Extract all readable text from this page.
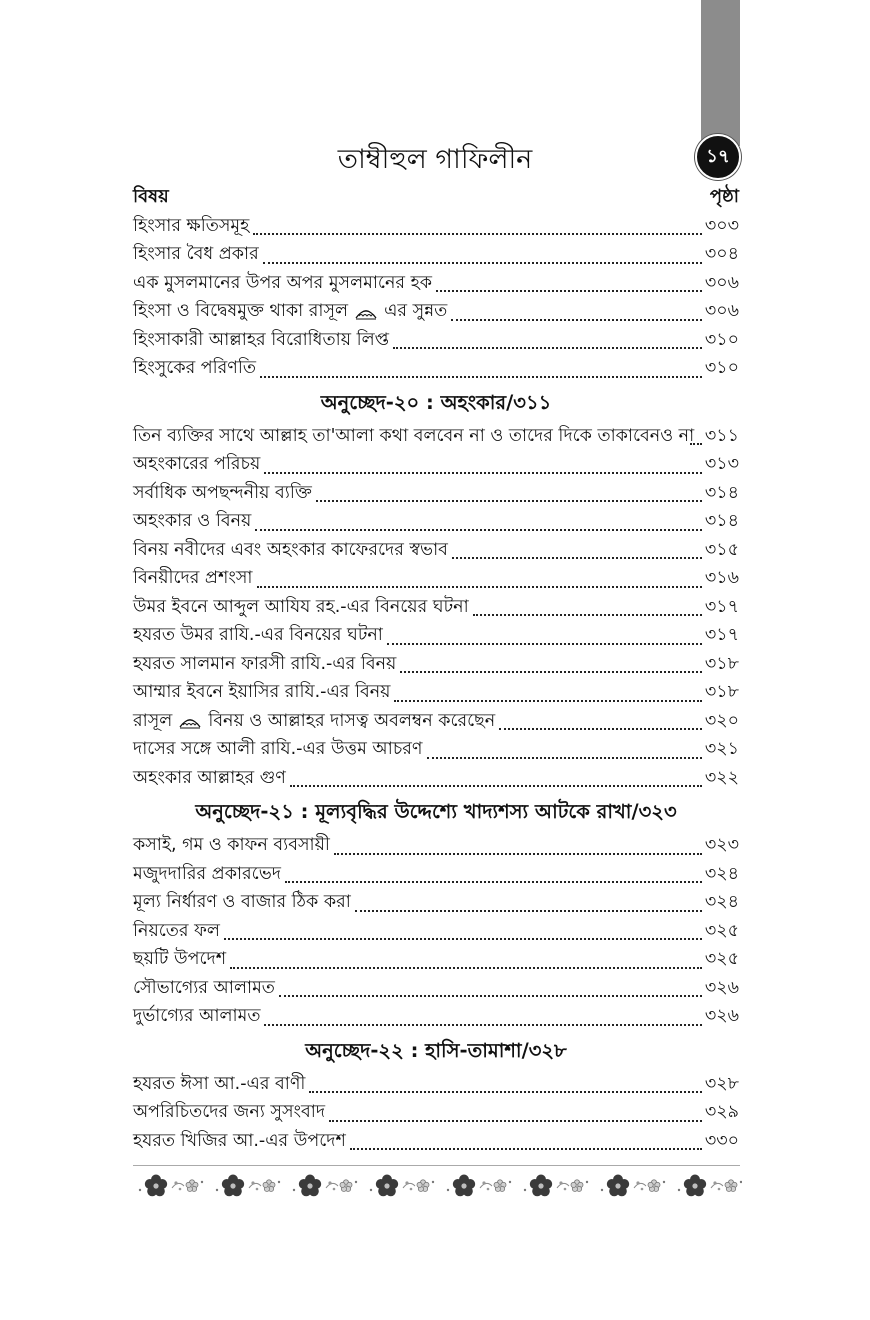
১৭
তাম্বীহুল গাফিলীন
বিষয়	পৃষ্ঠা
হিংসার ক্ষতিসমূহ	৩০৩
হিংসার বৈধ প্রকার	৩০৪
এক মুসলমানের উপর অপর মুসলমানের হক	৩০৬
হিংসা ও বিদ্বেষমুক্ত থাকা রাসূল এর সুন্নত	৩০৬
হিংসাকারী আল্লাহর বিরোধিতায় লিপ্ত	৩১০
হিংসুকের পরিণতি	৩১০
অনুচ্ছেদ-২০ : অহংকার/৩১১
তিন ব্যক্তির সাথে আল্লাহ তা'আলা কথা বলবেন না ও তাদের দিকে তাকাবেনও না ৩১১
অহংকারের পরিচয়	৩১৩
সর্বাধিক অপছন্দনীয় ব্যক্তি	৩১৪
অহংকার ও বিনয়	৩১৪
বিনয় নবীদের এবং অহংকার কাফেরদের স্বভাব	৩১৫
বিনয়ীদের প্রশংসা	৩১৬
উমর ইবনে আব্দুল আযিয রহ.-এর বিনয়ের ঘটনা	৩১৭
হযরত উমর রাযি.-এর বিনয়ের ঘটনা	৩১৭
হযরত সালমান ফারসী রাযি.-এর বিনয়	৩১৮
আম্মার ইবনে ইয়াসির রাযি.-এর বিনয়	৩১৮
রাসূল বিনয় ও আল্লাহর দাসত্ব অবলম্বন করেছেন	৩২০
দাসের সঙ্গে আলী রাযি.-এর উত্তম আচরণ	৩২১
অহংকার আল্লাহর গুণ	৩২২
অনুচ্ছেদ-২১ : মূল্যবৃদ্ধির উদ্দেশ্যে খাদ্যশস্য আটকে রাখা/৩২৩
কসাই, গম ও কাফন ব্যবসায়ী	৩২৩
মজুদদারির প্রকারভেদ	৩২৪
মূল্য নির্ধারণ ও বাজার ঠিক করা	৩২৪
নিয়তের ফল	৩২৫
ছয়টি উপদেশ	৩২৫
সৌভাগ্যের আলামত	৩২৬
দুর্ভাগ্যের আলামত	৩২৬
অনুচ্ছেদ-২২ : হাসি-তামাশা/৩২৮
হযরত ঈসা আ.-এর বাণী	৩২৮
অপরিচিতদের জন্য সুসংবাদ	৩২৯
হযরত খিজির আ.-এর উপদেশ	৩৩০
